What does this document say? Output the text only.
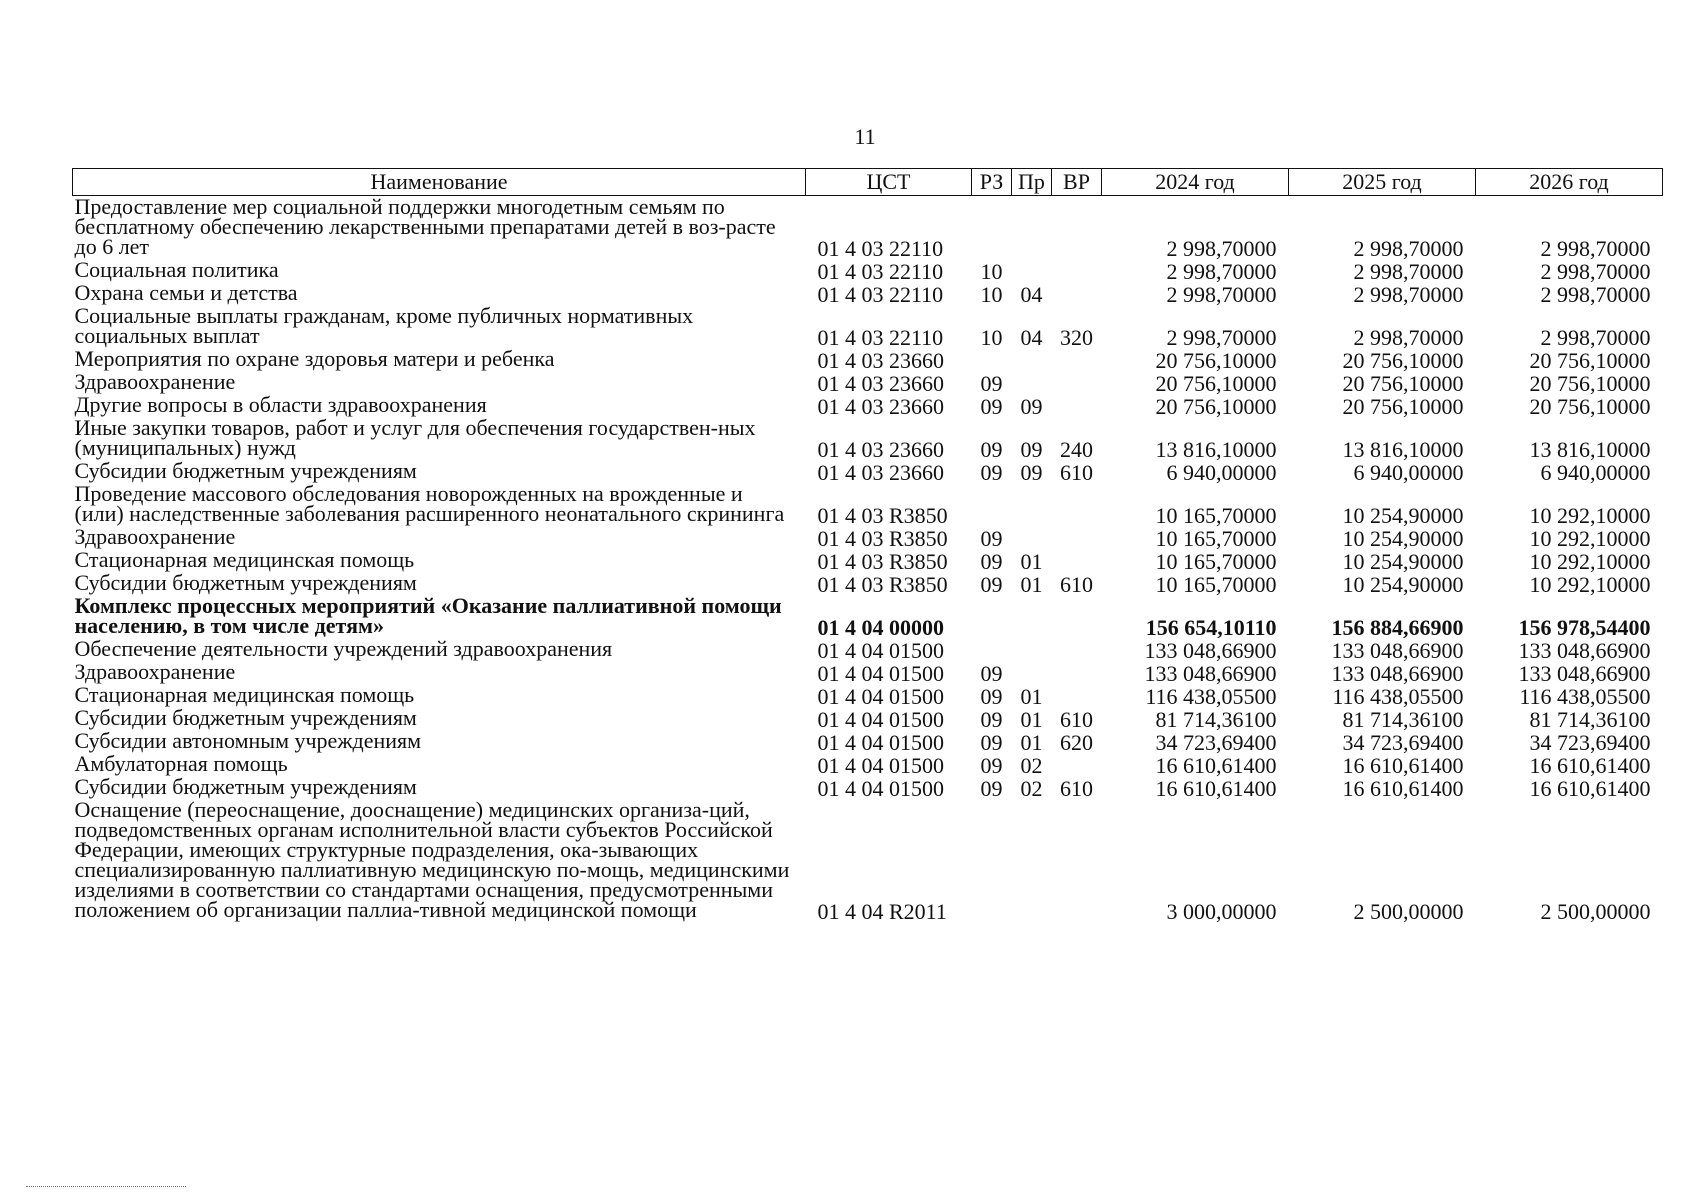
11
Наименование	ЦСТ	РЗ	Пр	ВР	2024 год	2025 год	2026 год
Предоставление мер социальной поддержки многодетным семьям по бесплатному обеспечению лекарственными препаратами детей в воз-расте до 6 лет	01 4 03 22110				2 998,70000	2 998,70000	2 998,70000
Социальная политика	01 4 03 22110	10			2 998,70000	2 998,70000	2 998,70000
Охрана семьи и детства	01 4 03 22110	10	04		2 998,70000	2 998,70000	2 998,70000
Социальные выплаты гражданам, кроме публичных нормативных социальных выплат	01 4 03 22110	10	04	320	2 998,70000	2 998,70000	2 998,70000
Мероприятия по охране здоровья матери и ребенка	01 4 03 23660				20 756,10000	20 756,10000	20 756,10000
Здравоохранение	01 4 03 23660	09			20 756,10000	20 756,10000	20 756,10000
Другие вопросы в области здравоохранения	01 4 03 23660	09	09		20 756,10000	20 756,10000	20 756,10000
Иные закупки товаров, работ и услуг для обеспечения государствен-ных (муниципальных) нужд	01 4 03 23660	09	09	240	13 816,10000	13 816,10000	13 816,10000
Субсидии бюджетным учреждениям	01 4 03 23660	09	09	610	6 940,00000	6 940,00000	6 940,00000
Проведение массового обследования новорожденных на врожденные и (или) наследственные заболевания расширенного неонатального скрининга	01 4 03 R3850				10 165,70000	10 254,90000	10 292,10000
Здравоохранение	01 4 03 R3850	09			10 165,70000	10 254,90000	10 292,10000
Стационарная медицинская помощь	01 4 03 R3850	09	01		10 165,70000	10 254,90000	10 292,10000
Субсидии бюджетным учреждениям	01 4 03 R3850	09	01	610	10 165,70000	10 254,90000	10 292,10000
Комплекс процессных мероприятий «Оказание паллиативной помощи населению, в том числе детям»	01 4 04 00000				156 654,10110	156 884,66900	156 978,54400
Обеспечение деятельности учреждений здравоохранения	01 4 04 01500				133 048,66900	133 048,66900	133 048,66900
Здравоохранение	01 4 04 01500	09			133 048,66900	133 048,66900	133 048,66900
Стационарная медицинская помощь	01 4 04 01500	09	01		116 438,05500	116 438,05500	116 438,05500
Субсидии бюджетным учреждениям	01 4 04 01500	09	01	610	81 714,36100	81 714,36100	81 714,36100
Субсидии автономным учреждениям	01 4 04 01500	09	01	620	34 723,69400	34 723,69400	34 723,69400
Амбулаторная помощь	01 4 04 01500	09	02		16 610,61400	16 610,61400	16 610,61400
Субсидии бюджетным учреждениям	01 4 04 01500	09	02	610	16 610,61400	16 610,61400	16 610,61400
Оснащение (переоснащение, дооснащение) медицинских организа-ций, подведомственных органам исполнительной власти субъектов Российской Федерации, имеющих структурные подразделения, ока-зывающих специализированную паллиативную медицинскую по-мощь, медицинскими изделиями в соответствии со стандартами оснащения, предусмотренными положением об организации паллиа-тивной медицинской помощи	01 4 04 R2011				3 000,00000	2 500,00000	2 500,00000
